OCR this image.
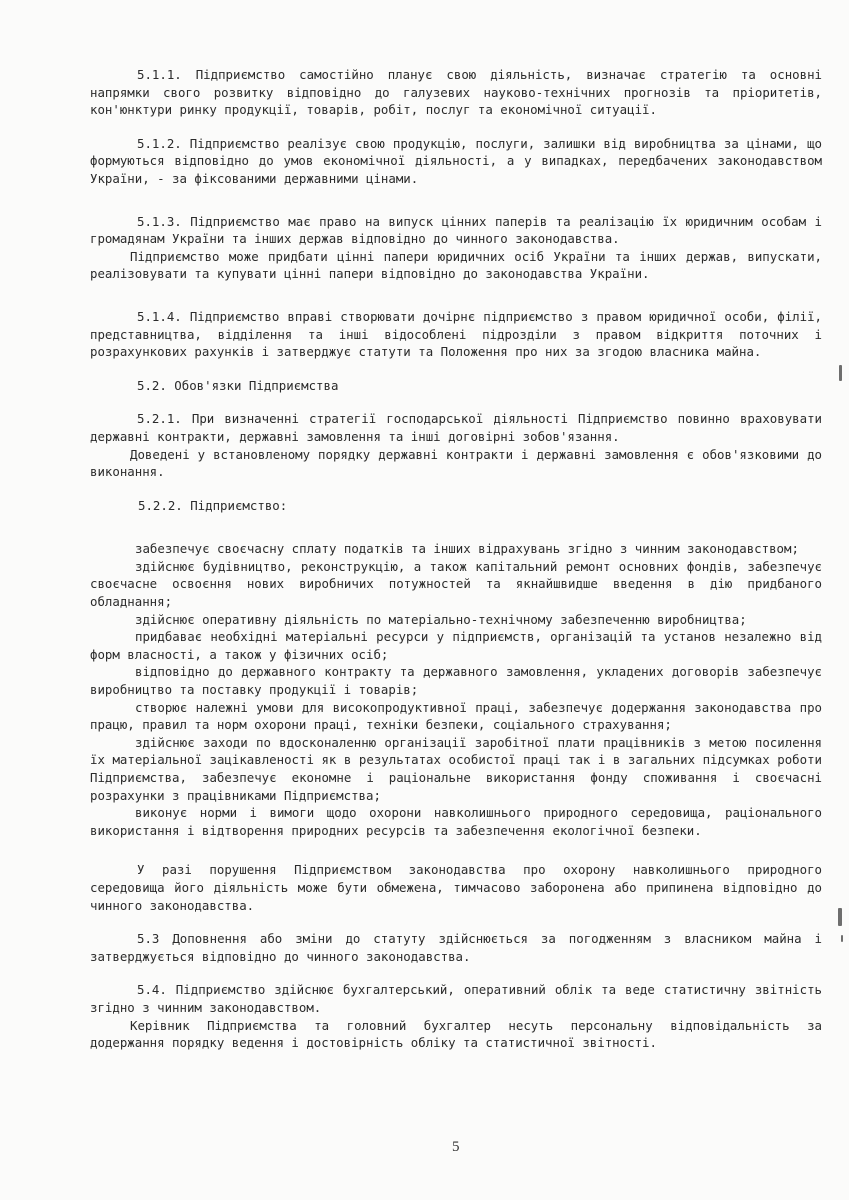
5.1.1. Підприємство самостійно планує свою діяльність, визначає стратегію та основні напрямки свого розвитку відповідно до галузевих науково-технічних прогнозів та пріоритетів, кон'юнктури ринку продукції, товарів, робіт, послуг та економічної ситуації.

5.1.2. Підприємство реалізує свою продукцію, послуги, залишки від виробництва за цінами, що формуються відповідно до умов економічної діяльності, а у випадках, передбачених законодавством України, - за фіксованими державними цінами.

5.1.3. Підприємство має право на випуск цінних паперів та реалізацію їх юридичним особам і громадянам України та інших держав відповідно до чинного законодавства.

Підприємство може придбати цінні папери юридичних осіб України та інших держав, випускати, реалізовувати та купувати цінні папери відповідно до законодавства України.

5.1.4. Підприємство вправі створювати дочірнє підприємство з правом юридичної особи, філії, представництва, відділення та інші відособлені підрозділи з правом відкриття поточних і розрахункових рахунків і затверджує статути та Положення про них за згодою власника майна.

5.2. Обов'язки Підприємства

5.2.1. При визначенні стратегії господарської діяльності Підприємство повинно враховувати державні контракти, державні замовлення та інші договірні зобов'язання.

Доведені у встановленому порядку державні контракти і державні замовлення є обов'язковими до виконання.

5.2.2. Підприємство:

забезпечує своєчасну сплату податків та інших відрахувань згідно з чинним законодавством;

здійснює будівництво, реконструкцію, а також капітальний ремонт основних фондів, забезпечує своєчасне освоєння нових виробничих потужностей та якнайшвидше введення в дію придбаного обладнання;

здійснює оперативну діяльність по матеріально-технічному забезпеченню виробництва;

придбаває необхідні матеріальні ресурси у підприємств, організацій та установ незалежно від форм власності, а також у фізичних осіб;

відповідно до державного контракту та державного замовлення, укладених договорів забезпечує виробництво та поставку продукції і товарів;

створює належні умови для високопродуктивної праці, забезпечує додержання законодавства про працю, правил та норм охорони праці, техніки безпеки, соціального страхування;

здійснює заходи по вдосконаленню організації заробітної плати працівників з метою посилення їх матеріальної зацікавленості як в результатах особистої праці так і в загальних підсумках роботи Підприємства, забезпечує економне і раціональне використання фонду споживання і своєчасні розрахунки з працівниками Підприємства;

виконує норми і вимоги щодо охорони навколишнього природного середовища, раціонального використання і відтворення природних ресурсів та забезпечення екологічної безпеки.

У разі порушення Підприємством законодавства про охорону навколишнього природного середовища його діяльність може бути обмежена, тимчасово заборонена або припинена відповідно до чинного законодавства.

5.3 Доповнення або зміни до статуту здійснюється за погодженням з власником майна і затверджується відповідно до чинного законодавства.

5.4. Підприємство здійснює бухгалтерський, оперативний облік та веде статистичну звітність згідно з чинним законодавством.

Керівник Підприємства та головний бухгалтер несуть персональну відповідальність за додержання порядку ведення і достовірність обліку та статистичної звітності.

5
